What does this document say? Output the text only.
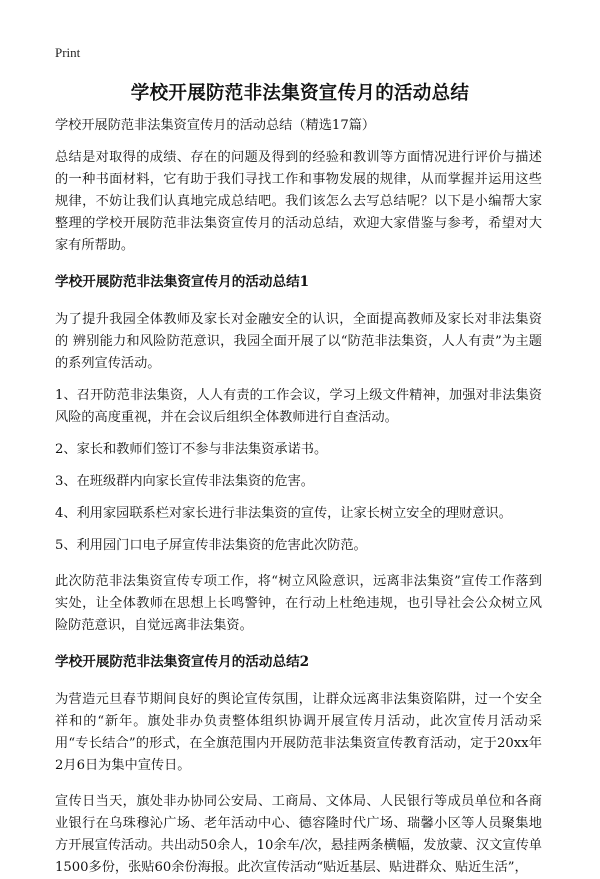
Print
学校开展防范非法集资宣传月的活动总结

学校开展防范非法集资宣传月的活动总结（精选17篇）

总结是对取得的成绩、存在的问题及得到的经验和教训等方面情况进行评价与描述的一种书面材料，它有助于我们寻找工作和事物发展的规律，从而掌握并运用这些规律，不妨让我们认真地完成总结吧。我们该怎么去写总结呢？以下是小编帮大家整理的学校开展防范非法集资宣传月的活动总结，欢迎大家借鉴与参考，希望对大家有所帮助。

学校开展防范非法集资宣传月的活动总结1

为了提升我园全体教师及家长对金融安全的认识，全面提高教师及家长对非法集资的 辨别能力和风险防范意识，我园全面开展了以“防范非法集资，人人有责”为主题的系列宣传活动。

1、召开防范非法集资，人人有责的工作会议，学习上级文件精神，加强对非法集资风险的高度重视，并在会议后组织全体教师进行自查活动。

2、家长和教师们签订不参与非法集资承诺书。

3、在班级群内向家长宣传非法集资的危害。

4、利用家园联系栏对家长进行非法集资的宣传，让家长树立安全的理财意识。

5、利用园门口电子屏宣传非法集资的危害此次防范。

此次防范非法集资宣传专项工作，将“树立风险意识，远离非法集资”宣传工作落到实处，让全体教师在思想上长鸣警钟，在行动上杜绝违规，也引导社会公众树立风险防范意识，自觉远离非法集资。

学校开展防范非法集资宣传月的活动总结2

为营造元旦春节期间良好的舆论宣传氛围，让群众远离非法集资陷阱，过一个安全祥和的“新年。旗处非办负责整体组织协调开展宣传月活动，此次宣传月活动采用“专长结合”的形式，在全旗范围内开展防范非法集资宣传教育活动，定于20xx年2月6日为集中宣传日。

宣传日当天，旗处非办协同公安局、工商局、文体局、人民银行等成员单位和各商业银行在乌珠穆沁广场、老年活动中心、德容隆时代广场、瑞馨小区等人员聚集地方开展宣传活动。共出动50余人，10余车/次，悬挂两条横幅，发放蒙、汉文宣传单1500多份，张贴60余份海报。此次宣传活动“贴近基层、贴进群众、贴近生活”，
